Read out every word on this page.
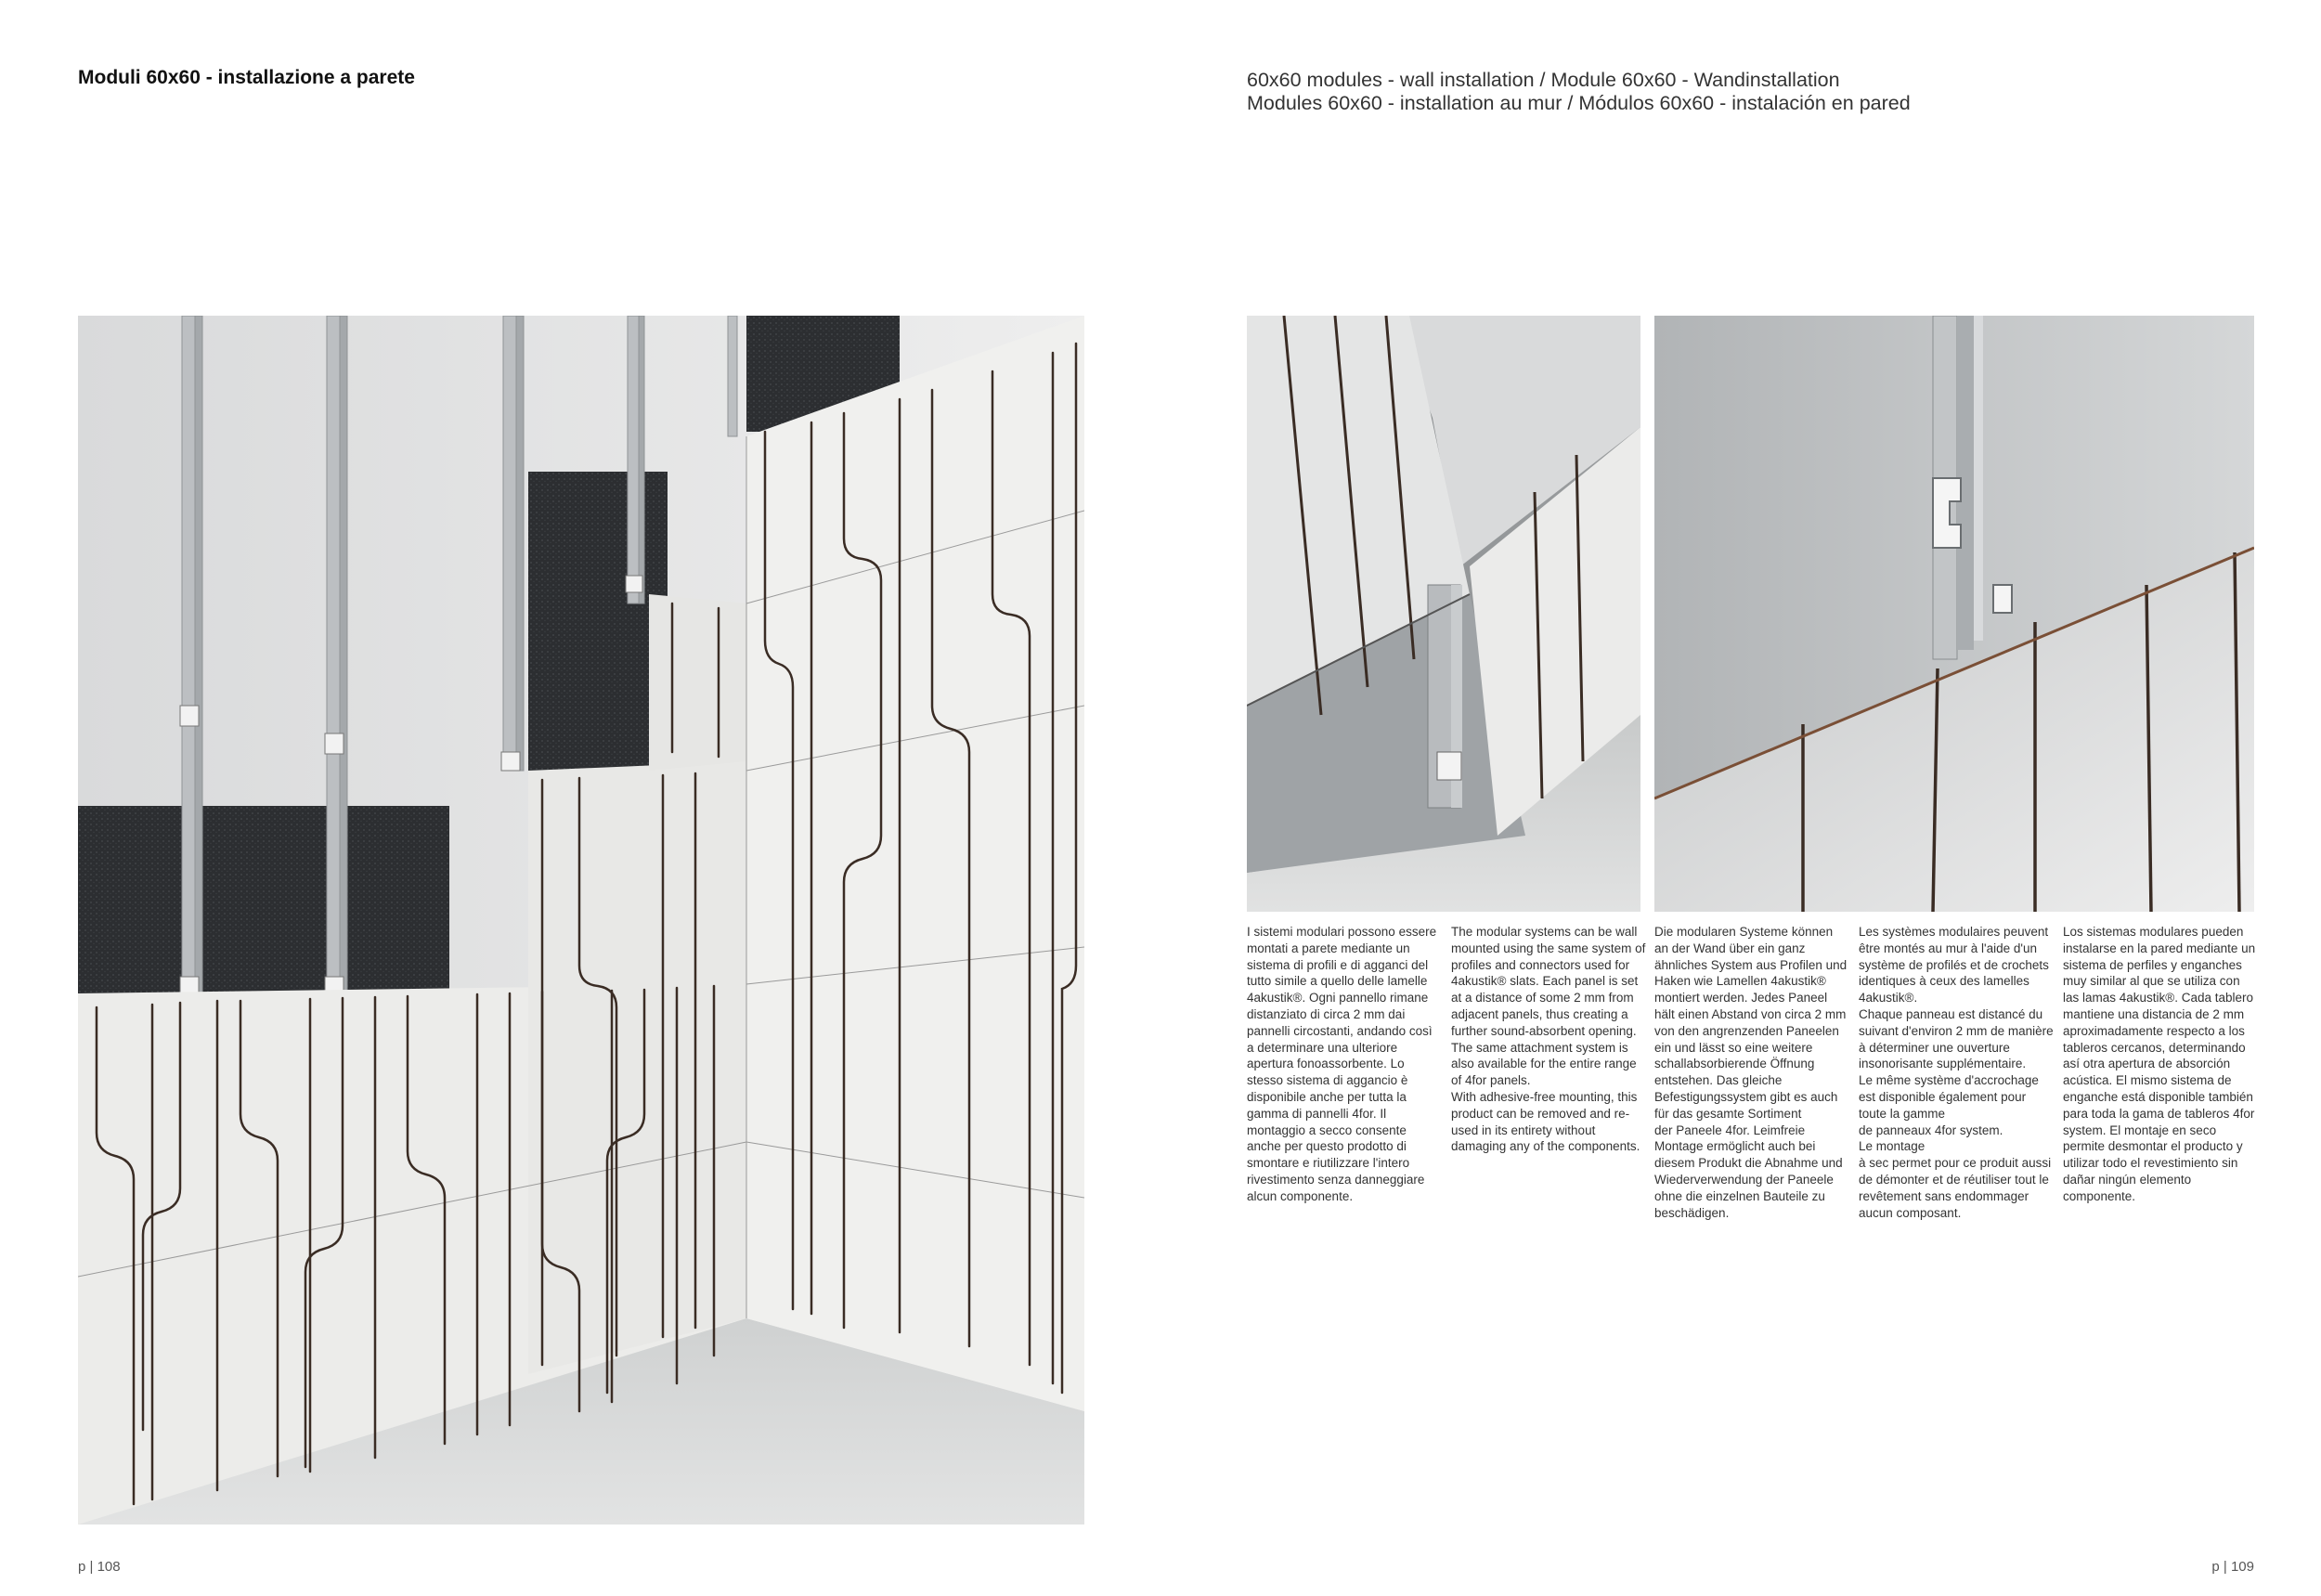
Moduli 60x60 - installazione a parete	60x60 modules - wall installation / Module 60x60 - Wandinstallation
Modules 60x60 - installation au mur / Módulos 60x60 - instalación en pared
I sistemi modulari possono essere montati a parete mediante un sistema di profili e di agganci del tutto simile a quello delle lamelle 4akustik®. Ogni pannello rimane distanziato di circa 2 mm dai pannelli circostanti, andando così a determinare una ulteriore apertura fonoassorbente. Lo stesso sistema di aggancio è disponibile anche per tutta la gamma di pannelli 4for. Il montaggio a secco consente anche per questo prodotto di smontare e riutilizzare l'intero rivestimento senza danneggiare alcun componente.
The modular systems can be wall mounted using the same system of profiles and connectors used for 4akustik® slats. Each panel is set at a distance of some 2 mm from adjacent panels, thus creating a further sound-absorbent opening. The same attachment system is also available for the entire range of 4for panels.
With adhesive-free mounting, this product can be removed and re-used in its entirety without damaging any of the components.
Die modularen Systeme können an der Wand über ein ganz ähnliches System aus Profilen und Haken wie Lamellen 4akustik® montiert werden. Jedes Paneel hält einen Abstand von circa 2 mm von den angrenzenden Paneelen ein und lässt so eine weitere schallabsorbierende Öffnung entstehen. Das gleiche Befestigungssystem gibt es auch für das gesamte Sortiment
der Paneele 4for. Leimfreie Montage ermöglicht auch bei diesem Produkt die Abnahme und Wiederverwendung der Paneele ohne die einzelnen Bauteile zu beschädigen.
Les systèmes modulaires peuvent être montés au mur à l'aide d'un système de profilés et de crochets identiques à ceux des lamelles 4akustik®.
Chaque panneau est distancé du suivant d'environ 2 mm de manière à déterminer une ouverture insonorisante supplémentaire.
Le même système d'accrochage est disponible également pour toute la gamme
de panneaux 4for system.
Le montage
à sec permet pour ce produit aussi de démonter et de réutiliser tout le revêtement sans endommager aucun composant.
Los sistemas modulares pueden instalarse en la pared mediante un sistema de perfiles y enganches muy similar al que se utiliza con las lamas 4akustik®. Cada tablero mantiene una distancia de 2 mm aproximadamente respecto a los tableros cercanos, determinando así otra apertura de absorción acústica. El mismo sistema de enganche está disponible también para toda la gama de tableros 4for system. El montaje en seco permite desmontar el producto y utilizar todo el revestimiento sin dañar ningún elemento componente.
p | 108	p | 109
